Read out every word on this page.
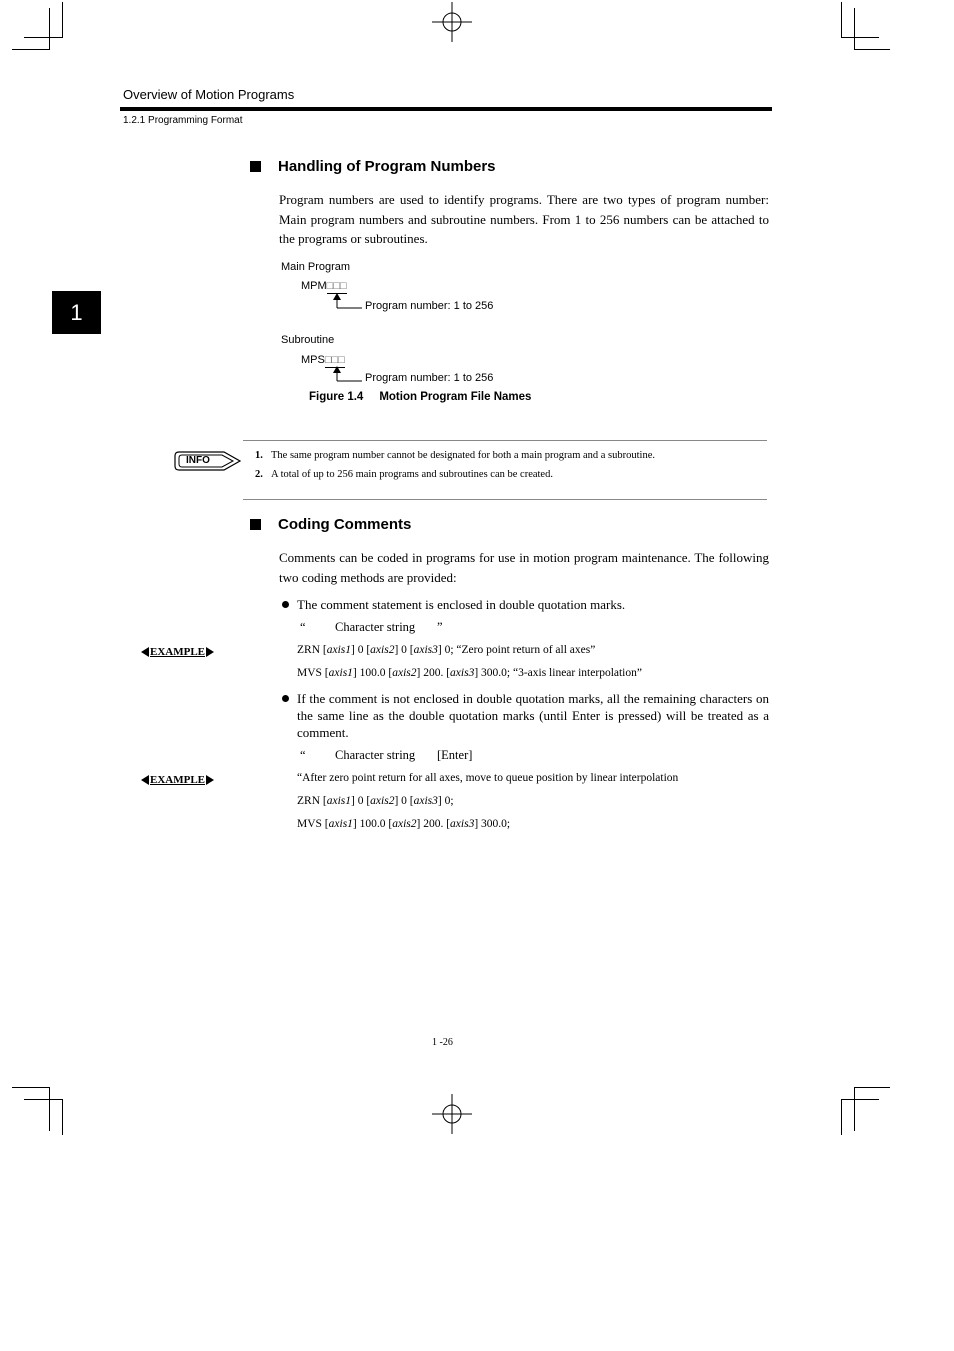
Overview of Motion Programs
1.2.1 Programming Format
1
Handling of Program Numbers
Program numbers are used to identify programs. There are two types of program number: Main program numbers and subroutine numbers. From 1 to 256 numbers can be attached to the programs or subroutines.
Main Program
MPM□□□
Program number: 1 to 256
Subroutine
MPS□□□
Program number: 1 to 256
Figure 1.4 Motion Program File Names
INFO	1. The same program number cannot be designated for both a main program and a subroutine.
2. A total of up to 256 main programs and subroutines can be created.
Coding Comments
Comments can be coded in programs for use in motion program maintenance. The following two coding methods are provided:
The comment statement is enclosed in double quotation marks.
“ Character string ”
EXAMPLE	ZRN [axis1] 0 [axis2] 0 [axis3] 0; “Zero point return of all axes”
MVS [axis1] 100.0 [axis2] 200. [axis3] 300.0; “3-axis linear interpolation”
If the comment is not enclosed in double quotation marks, all the remaining characters on the same line as the double quotation marks (until Enter is pressed) will be treated as a comment.
“ Character string [Enter]
EXAMPLE	“After zero point return for all axes, move to queue position by linear interpolation
ZRN [axis1] 0 [axis2] 0 [axis3] 0;
MVS [axis1] 100.0 [axis2] 200. [axis3] 300.0;
1 -26
